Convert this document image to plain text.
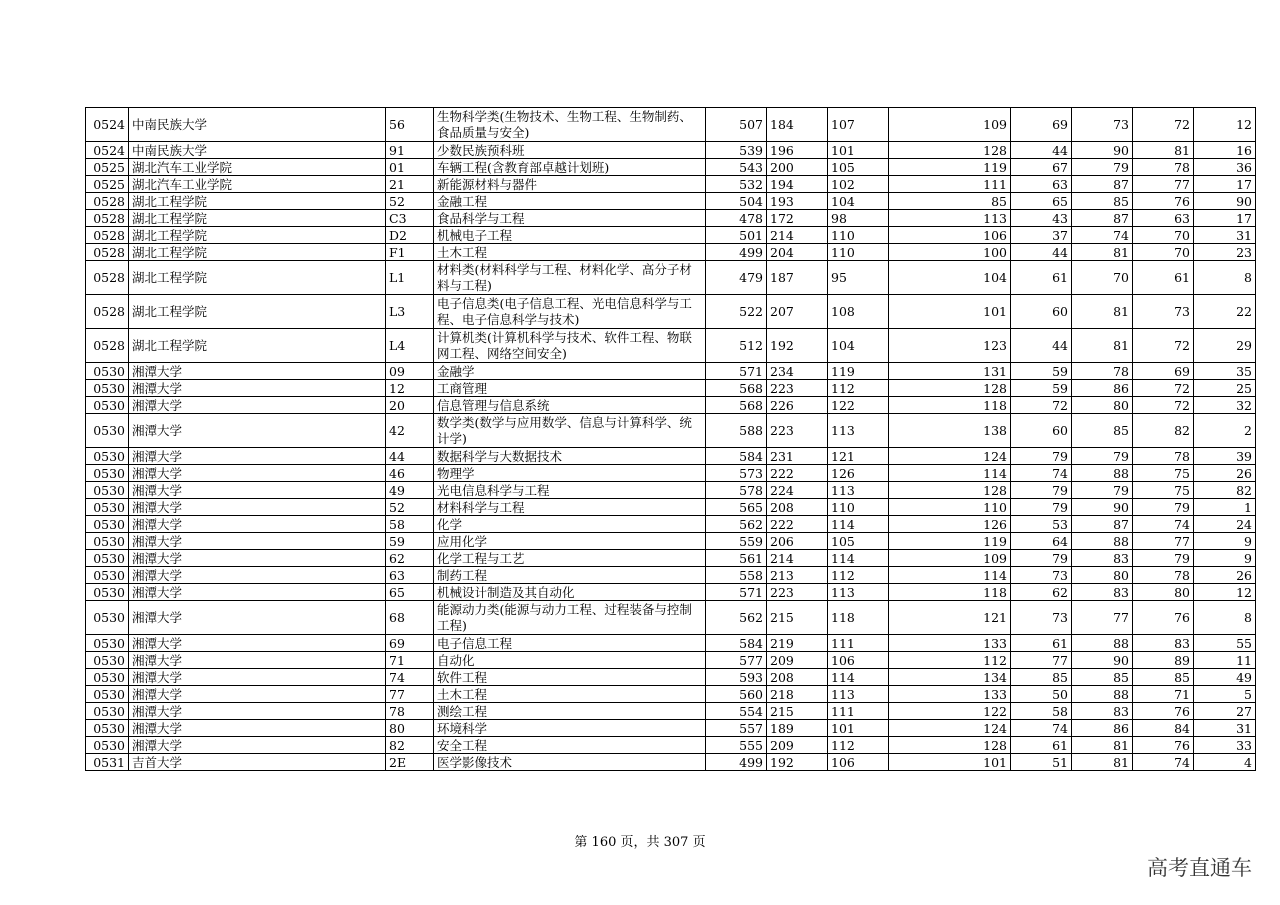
0524	中南民族大学	56	生物科学类(生物技术、生物工程、生物制药、食品质量与安全)	507	184	107	109	69	73	72	12
0524	中南民族大学	91	少数民族预科班	539	196	101	128	44	90	81	16
0525	湖北汽车工业学院	01	车辆工程(含教育部卓越计划班)	543	200	105	119	67	79	78	36
0525	湖北汽车工业学院	21	新能源材料与器件	532	194	102	111	63	87	77	17
0528	湖北工程学院	52	金融工程	504	193	104	85	65	85	76	90
0528	湖北工程学院	C3	食品科学与工程	478	172	98	113	43	87	63	17
0528	湖北工程学院	D2	机械电子工程	501	214	110	106	37	74	70	31
0528	湖北工程学院	F1	土木工程	499	204	110	100	44	81	70	23
0528	湖北工程学院	L1	材料类(材料科学与工程、材料化学、高分子材料与工程)	479	187	95	104	61	70	61	8
0528	湖北工程学院	L3	电子信息类(电子信息工程、光电信息科学与工程、电子信息科学与技术)	522	207	108	101	60	81	73	22
0528	湖北工程学院	L4	计算机类(计算机科学与技术、软件工程、物联网工程、网络空间安全)	512	192	104	123	44	81	72	29
0530	湘潭大学	09	金融学	571	234	119	131	59	78	69	35
0530	湘潭大学	12	工商管理	568	223	112	128	59	86	72	25
0530	湘潭大学	20	信息管理与信息系统	568	226	122	118	72	80	72	32
0530	湘潭大学	42	数学类(数学与应用数学、信息与计算科学、统计学)	588	223	113	138	60	85	82	2
0530	湘潭大学	44	数据科学与大数据技术	584	231	121	124	79	79	78	39
0530	湘潭大学	46	物理学	573	222	126	114	74	88	75	26
0530	湘潭大学	49	光电信息科学与工程	578	224	113	128	79	79	75	82
0530	湘潭大学	52	材料科学与工程	565	208	110	110	79	90	79	1
0530	湘潭大学	58	化学	562	222	114	126	53	87	74	24
0530	湘潭大学	59	应用化学	559	206	105	119	64	88	77	9
0530	湘潭大学	62	化学工程与工艺	561	214	114	109	79	83	79	9
0530	湘潭大学	63	制药工程	558	213	112	114	73	80	78	26
0530	湘潭大学	65	机械设计制造及其自动化	571	223	113	118	62	83	80	12
0530	湘潭大学	68	能源动力类(能源与动力工程、过程装备与控制工程)	562	215	118	121	73	77	76	8
0530	湘潭大学	69	电子信息工程	584	219	111	133	61	88	83	55
0530	湘潭大学	71	自动化	577	209	106	112	77	90	89	11
0530	湘潭大学	74	软件工程	593	208	114	134	85	85	85	49
0530	湘潭大学	77	土木工程	560	218	113	133	50	88	71	5
0530	湘潭大学	78	测绘工程	554	215	111	122	58	83	76	27
0530	湘潭大学	80	环境科学	557	189	101	124	74	86	84	31
0530	湘潭大学	82	安全工程	555	209	112	128	61	81	76	33
0531	吉首大学	2E	医学影像技术	499	192	106	101	51	81	74	4
第 160 页，共 307 页
高考直通车
